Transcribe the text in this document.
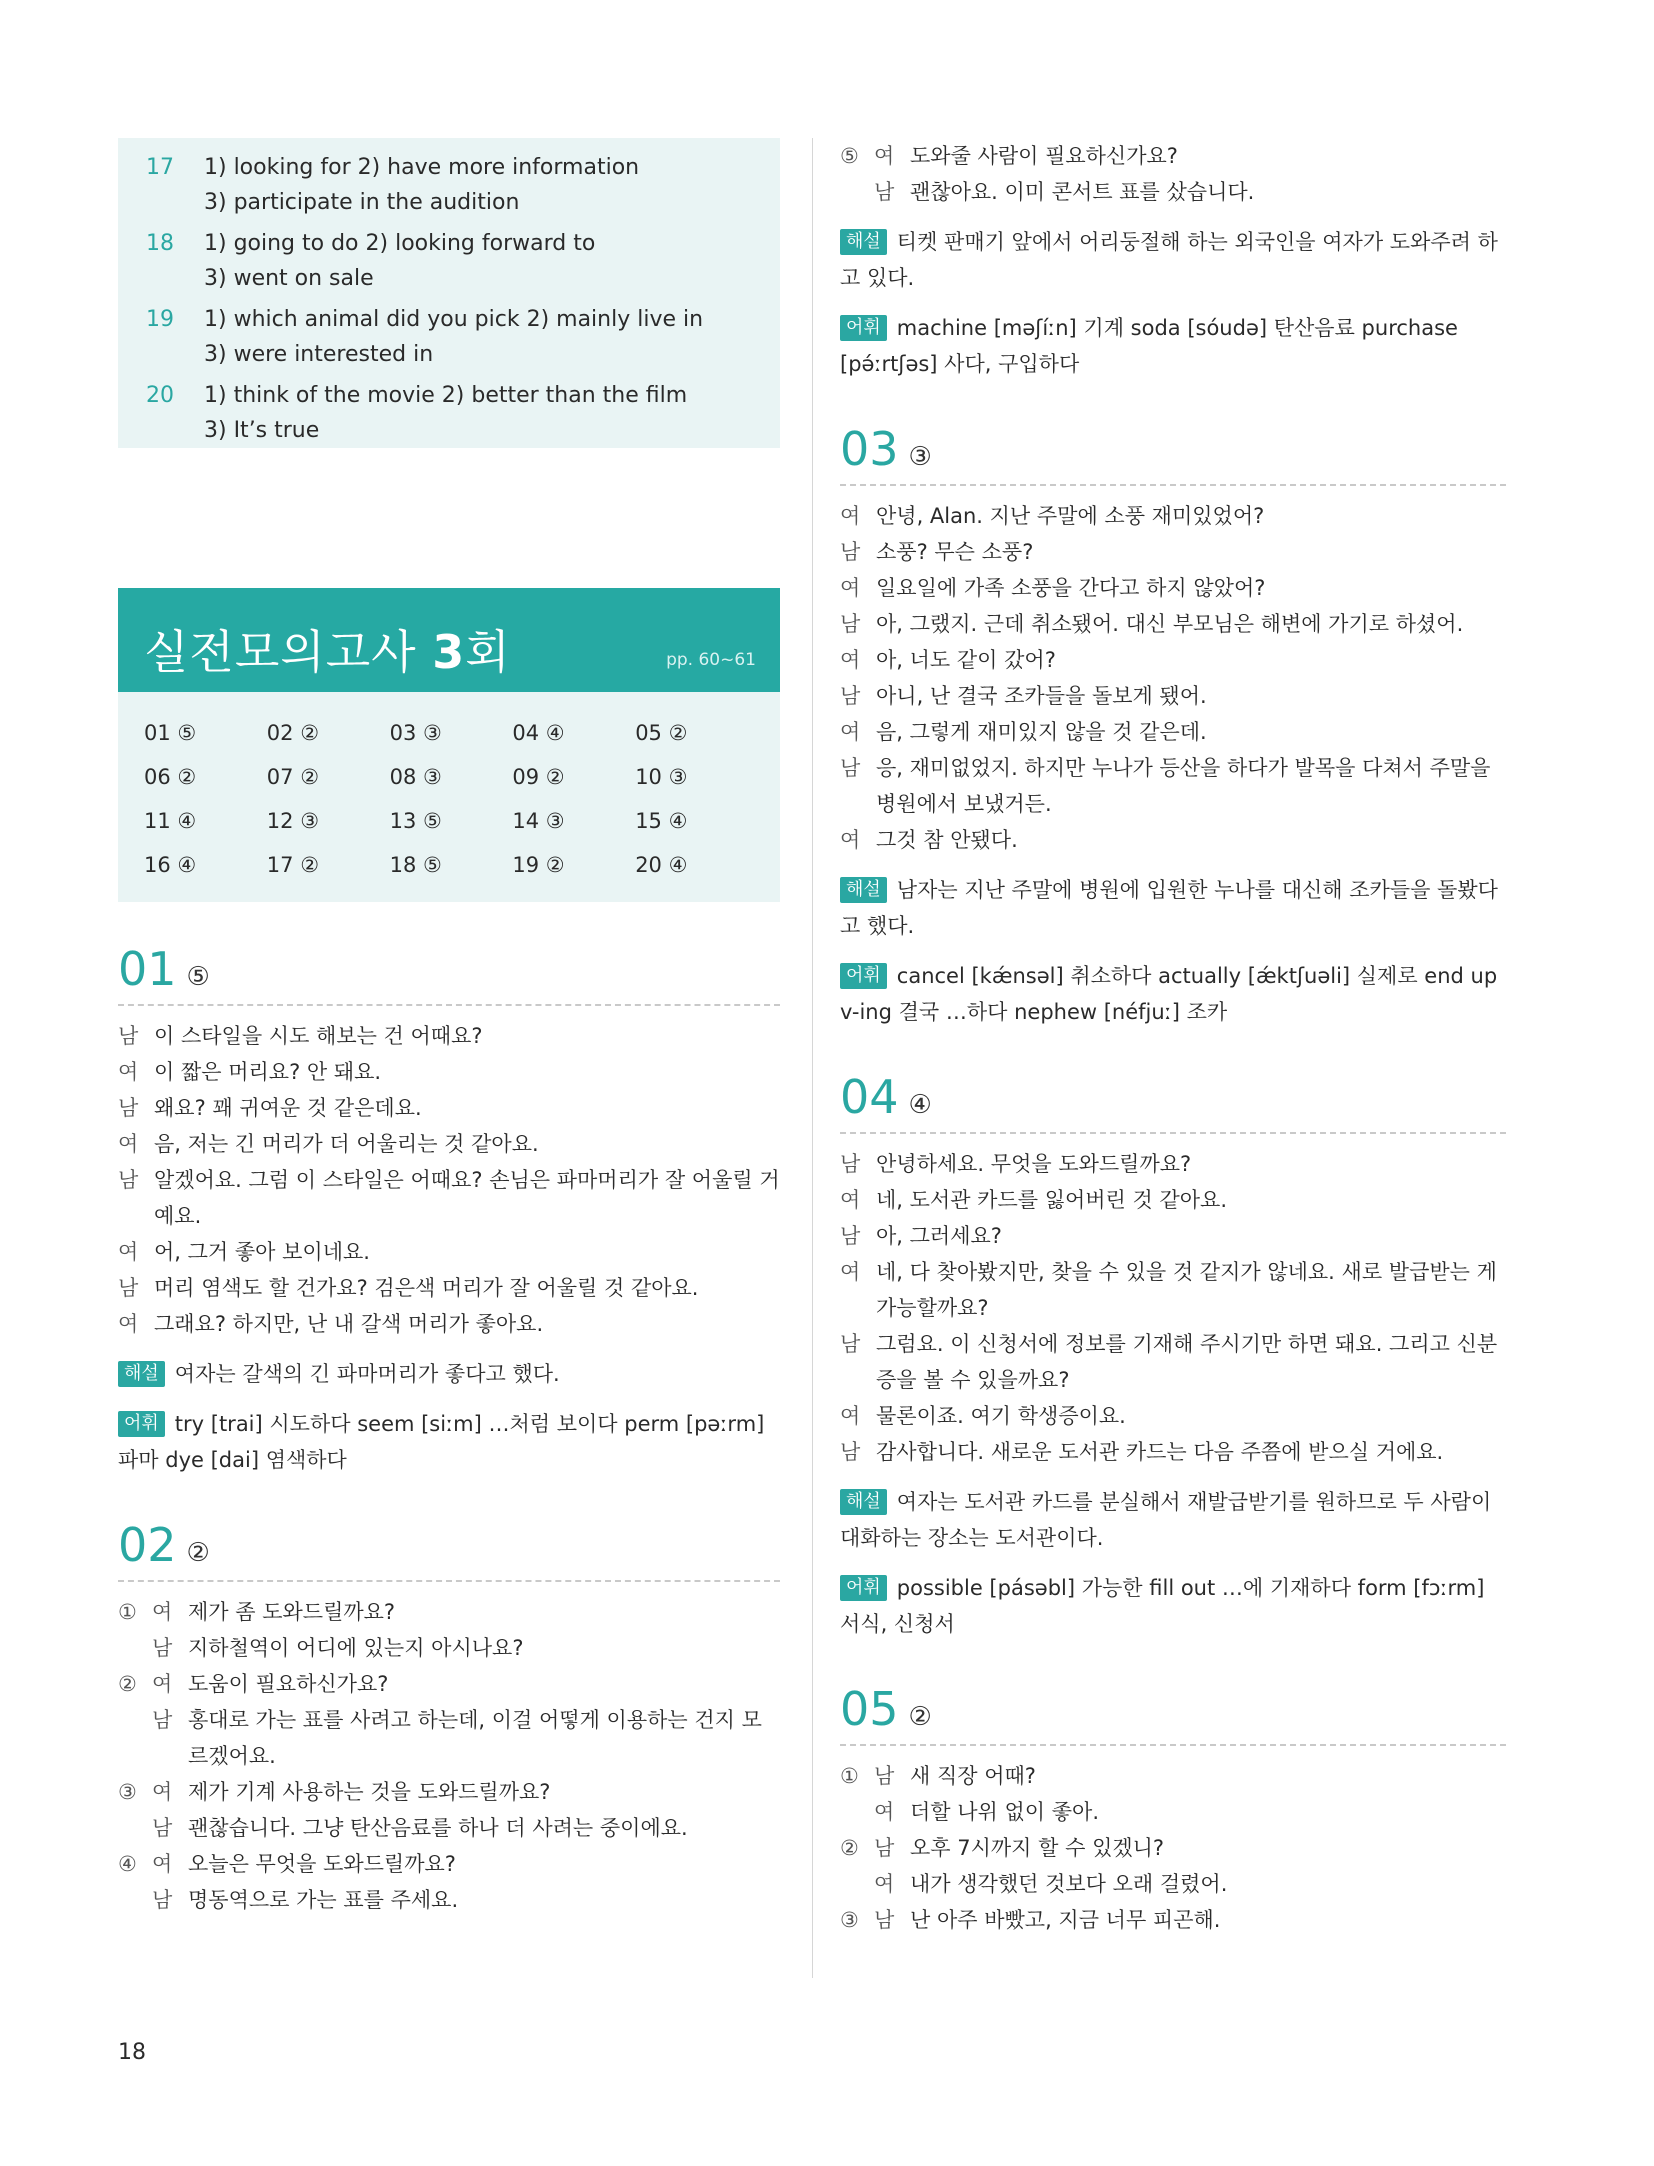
17	1) looking for 2) have more information
3) participate in the audition
18	1) going to do 2) looking forward to
3) went on sale
19	1) which animal did you pick 2) mainly live in
3) were interested in
20	1) think of the movie 2) better than the film
3) It’s true
실전모의고사 3회	pp. 60~61
01 ⑤	02 ②	03 ③	04 ④	05 ②
06 ②	07 ②	08 ③	09 ②	10 ③
11 ④	12 ③	13 ⑤	14 ③	15 ④
16 ④	17 ②	18 ⑤	19 ②	20 ④
01 ⑤
남 이 스타일을 시도 해보는 건 어때요?
여 이 짧은 머리요? 안 돼요.
남 왜요? 꽤 귀여운 것 같은데요.
여 음, 저는 긴 머리가 더 어울리는 것 같아요.
남 알겠어요. 그럼 이 스타일은 어때요? 손님은 파마머리가 잘 어울릴 거예요.
여 어, 그거 좋아 보이네요.
남 머리 염색도 할 건가요? 검은색 머리가 잘 어울릴 것 같아요.
여 그래요? 하지만, 난 내 갈색 머리가 좋아요.
해설 여자는 갈색의 긴 파마머리가 좋다고 했다.
어휘 try [trai] 시도하다 seem [siːm] …처럼 보이다 perm [pəːrm] 파마 dye [dai] 염색하다
02 ②
① 여 제가 좀 도와드릴까요?
남 지하철역이 어디에 있는지 아시나요?
② 여 도움이 필요하신가요?
남 홍대로 가는 표를 사려고 하는데, 이걸 어떻게 이용하는 건지 모르겠어요.
③ 여 제가 기계 사용하는 것을 도와드릴까요?
남 괜찮습니다. 그냥 탄산음료를 하나 더 사려는 중이에요.
④ 여 오늘은 무엇을 도와드릴까요?
남 명동역으로 가는 표를 주세요.
⑤ 여 도와줄 사람이 필요하신가요?
남 괜찮아요. 이미 콘서트 표를 샀습니다.
해설 티켓 판매기 앞에서 어리둥절해 하는 외국인을 여자가 도와주려 하고 있다.
어휘 machine [məʃíːn] 기계 soda [sóudə] 탄산음료 purchase [pə́ːrtʃəs] 사다, 구입하다
03 ③
여 안녕, Alan. 지난 주말에 소풍 재미있었어?
남 소풍? 무슨 소풍?
여 일요일에 가족 소풍을 간다고 하지 않았어?
남 아, 그랬지. 근데 취소됐어. 대신 부모님은 해변에 가기로 하셨어.
여 아, 너도 같이 갔어?
남 아니, 난 결국 조카들을 돌보게 됐어.
여 음, 그렇게 재미있지 않을 것 같은데.
남 응, 재미없었지. 하지만 누나가 등산을 하다가 발목을 다쳐서 주말을 병원에서 보냈거든.
여 그것 참 안됐다.
해설 남자는 지난 주말에 병원에 입원한 누나를 대신해 조카들을 돌봤다고 했다.
어휘 cancel [kǽnsəl] 취소하다 actually [ǽktʃuəli] 실제로 end up v-ing 결국 …하다 nephew [néfjuː] 조카
04 ④
남 안녕하세요. 무엇을 도와드릴까요?
여 네, 도서관 카드를 잃어버린 것 같아요.
남 아, 그러세요?
여 네, 다 찾아봤지만, 찾을 수 있을 것 같지가 않네요. 새로 발급받는 게 가능할까요?
남 그럼요. 이 신청서에 정보를 기재해 주시기만 하면 돼요. 그리고 신분증을 볼 수 있을까요?
여 물론이죠. 여기 학생증이요.
남 감사합니다. 새로운 도서관 카드는 다음 주쯤에 받으실 거에요.
해설 여자는 도서관 카드를 분실해서 재발급받기를 원하므로 두 사람이 대화하는 장소는 도서관이다.
어휘 possible [pásəbl] 가능한 fill out …에 기재하다 form [fɔːrm] 서식, 신청서
05 ②
① 남 새 직장 어때?
여 더할 나위 없이 좋아.
② 남 오후 7시까지 할 수 있겠니?
여 내가 생각했던 것보다 오래 걸렸어.
③ 남 난 아주 바빴고, 지금 너무 피곤해.
18
